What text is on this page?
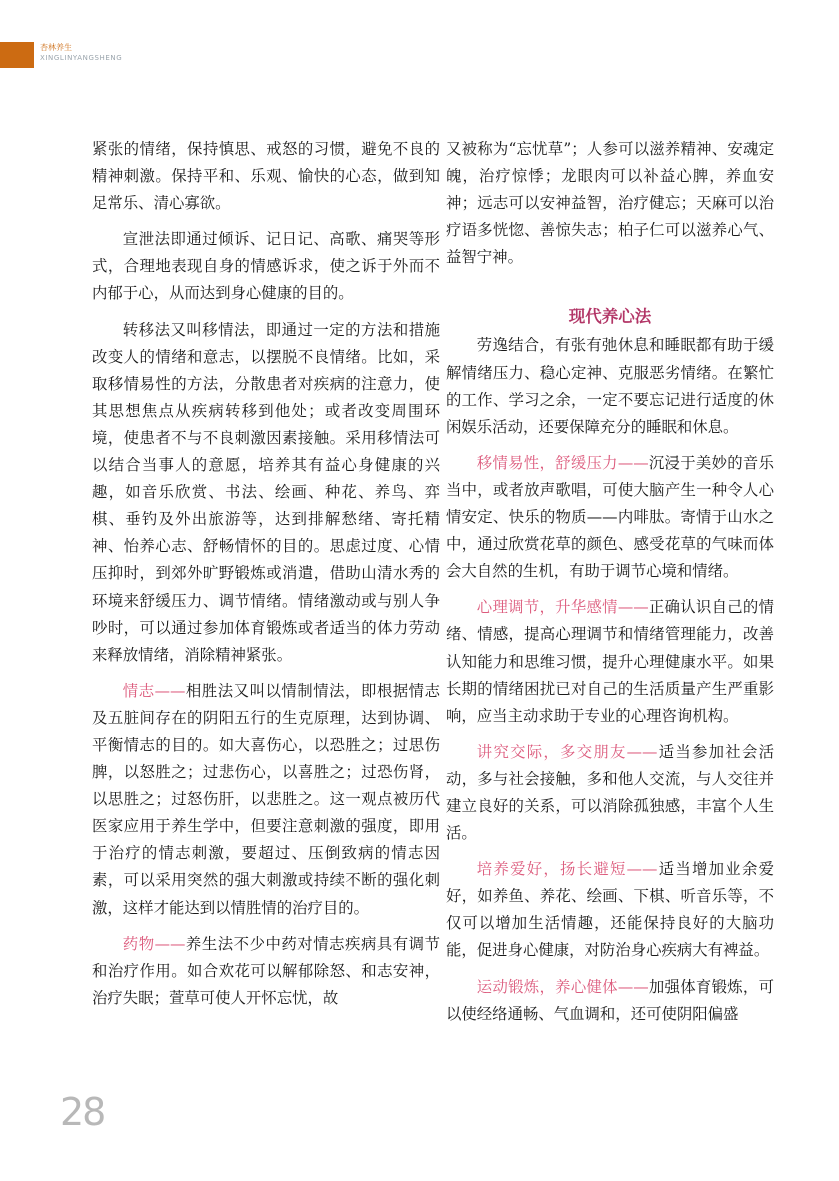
杏林养生
XINGLINYANGSHENG

紧张的情绪，保持慎思、戒怒的习惯，避免不良的精神刺激。保持平和、乐观、愉快的心态，做到知足常乐、清心寡欲。

宣泄法即通过倾诉、记日记、高歌、痛哭等形式，合理地表现自身的情感诉求，使之诉于外而不内郁于心，从而达到身心健康的目的。

转移法又叫移情法，即通过一定的方法和措施改变人的情绪和意志，以摆脱不良情绪。比如，采取移情易性的方法，分散患者对疾病的注意力，使其思想焦点从疾病转移到他处；或者改变周围环境，使患者不与不良刺激因素接触。采用移情法可以结合当事人的意愿，培养其有益心身健康的兴趣，如音乐欣赏、书法、绘画、种花、养鸟、弈棋、垂钓及外出旅游等，达到排解愁绪、寄托精神、怡养心志、舒畅情怀的目的。思虑过度、心情压抑时，到郊外旷野锻炼或消遣，借助山清水秀的环境来舒缓压力、调节情绪。情绪激动或与别人争吵时，可以通过参加体育锻炼或者适当的体力劳动来释放情绪，消除精神紧张。

情志——相胜法又叫以情制情法，即根据情志及五脏间存在的阴阳五行的生克原理，达到协调、平衡情志的目的。如大喜伤心，以恐胜之；过思伤脾，以怒胜之；过悲伤心，以喜胜之；过恐伤肾，以思胜之；过怒伤肝，以悲胜之。这一观点被历代医家应用于养生学中，但要注意刺激的强度，即用于治疗的情志刺激，要超过、压倒致病的情志因素，可以采用突然的强大刺激或持续不断的强化刺激，这样才能达到以情胜情的治疗目的。

药物——养生法不少中药对情志疾病具有调节和治疗作用。如合欢花可以解郁除怒、和志安神，治疗失眠；萱草可使人开怀忘忧，故

又被称为“忘忧草”；人参可以滋养精神、安魂定魄，治疗惊悸；龙眼肉可以补益心脾，养血安神；远志可以安神益智，治疗健忘；天麻可以治疗语多恍惚、善惊失志；柏子仁可以滋养心气、益智宁神。

现代养心法

劳逸结合，有张有弛休息和睡眠都有助于缓解情绪压力、稳心定神、克服恶劣情绪。在繁忙的工作、学习之余，一定不要忘记进行适度的休闲娱乐活动，还要保障充分的睡眠和休息。

移情易性，舒缓压力——沉浸于美妙的音乐当中，或者放声歌唱，可使大脑产生一种令人心情安定、快乐的物质——内啡肽。寄情于山水之中，通过欣赏花草的颜色、感受花草的气味而体会大自然的生机，有助于调节心境和情绪。

心理调节，升华感情——正确认识自己的情绪、情感，提高心理调节和情绪管理能力，改善认知能力和思维习惯，提升心理健康水平。如果长期的情绪困扰已对自己的生活质量产生严重影响，应当主动求助于专业的心理咨询机构。

讲究交际，多交朋友——适当参加社会活动，多与社会接触，多和他人交流，与人交往并建立良好的关系，可以消除孤独感，丰富个人生活。

培养爱好，扬长避短——适当增加业余爱好，如养鱼、养花、绘画、下棋、听音乐等，不仅可以增加生活情趣，还能保持良好的大脑功能，促进身心健康，对防治身心疾病大有裨益。

运动锻炼，养心健体——加强体育锻炼，可以使经络通畅、气血调和，还可使阴阳偏盛

28
